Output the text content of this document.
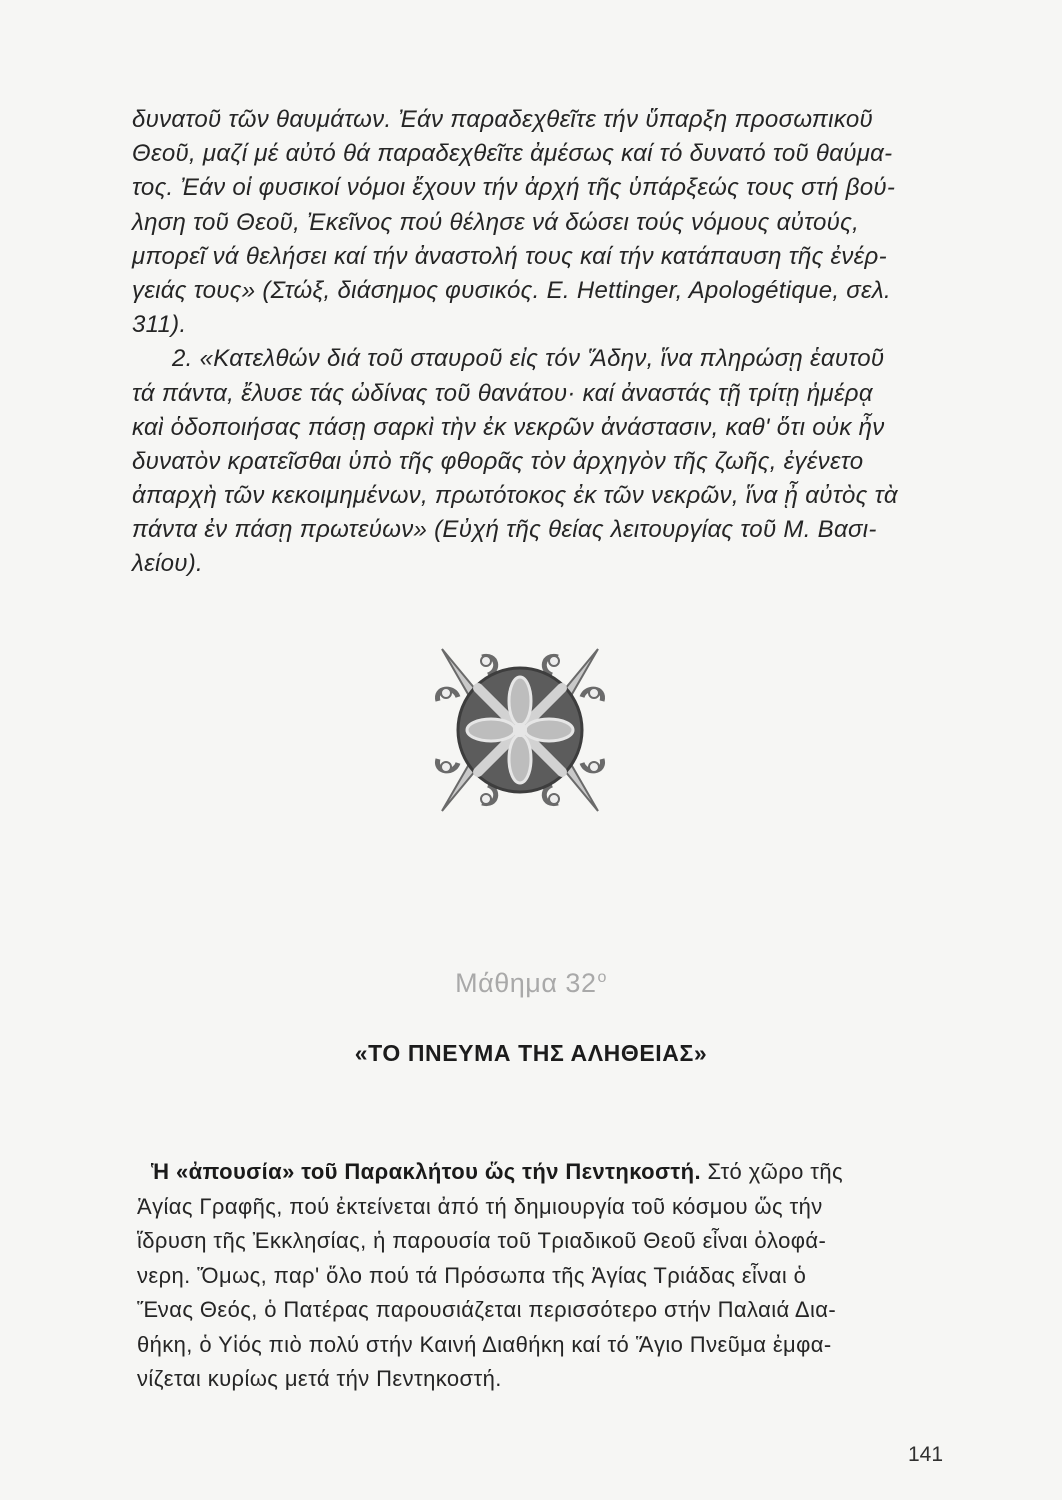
δυνατοῦ τῶν θαυμάτων. Ἐάν παραδεχθεῖτε τήν ὕπαρξη προσωπικοῦ
Θεοῦ, μαζί μέ αὐτό θά παραδεχθεῖτε ἀμέσως καί τό δυνατό τοῦ θαύμα-
τος. Ἐάν οἱ φυσικοί νόμοι ἔχουν τήν ἀρχή τῆς ὑπάρξεώς τους στή βού-
ληση τοῦ Θεοῦ, Ἐκεῖνος πού θέλησε νά δώσει τούς νόμους αὐτούς,
μπορεῖ νά θελήσει καί τήν ἀναστολή τους καί τήν κατάπαυση τῆς ἐνέρ-
γειάς τους» (Στώξ, διάσημος φυσικός. E. Hettinger, Apologétique, σελ.
311).
2. «Κατελθών διά τοῦ σταυροῦ εἰς τόν Ἅδην, ἵνα πληρώσῃ ἑαυτοῦ
τά πάντα, ἔλυσε τάς ὠδίνας τοῦ θανάτου· καί ἀναστάς τῇ τρίτῃ ἡμέρᾳ
καὶ ὁδοποιήσας πάσῃ σαρκὶ τὴν ἐκ νεκρῶν ἀνάστασιν, καθ' ὅτι οὐκ ἦν
δυνατὸν κρατεῖσθαι ὑπὸ τῆς φθορᾶς τὸν ἀρχηγὸν τῆς ζωῆς, ἐγένετο
ἀπαρχὴ τῶν κεκοιμημένων, πρωτότοκος ἐκ τῶν νεκρῶν, ἵνα ᾖ αὐτὸς τὰ
πάντα ἐν πάσῃ πρωτεύων» (Εὐχή τῆς θείας λειτουργίας τοῦ Μ. Βασι-
λείου).
Μάθημα $32^o$
«ΤΟ ΠΝΕΥΜΑ ΤΗΣ ΑΛΗΘΕΙΑΣ»
Ἡ «ἀπουσία» τοῦ Παρακλήτου ὥς τήν Πεντηκοστή. Στό χῶρο τῆς
Ἁγίας Γραφῆς, πού ἐκτείνεται ἀπό τή δημιουργία τοῦ κόσμου ὥς τήν
ἵδρυση τῆς Ἐκκλησίας, ἡ παρουσία τοῦ Τριαδικοῦ Θεοῦ εἶναι ὁλοφά-
νερη. Ὅμως, παρ' ὅλο πού τά Πρόσωπα τῆς Ἁγίας Τριάδας εἶναι ὁ
Ἕνας Θεός, ὁ Πατέρας παρουσιάζεται περισσότερο στήν Παλαιά Δια-
θήκη, ὁ Υἱός πιὸ πολύ στήν Καινή Διαθήκη καί τό Ἅγιο Πνεῦμα ἐμφα-
νίζεται κυρίως μετά τήν Πεντηκοστή.
141
